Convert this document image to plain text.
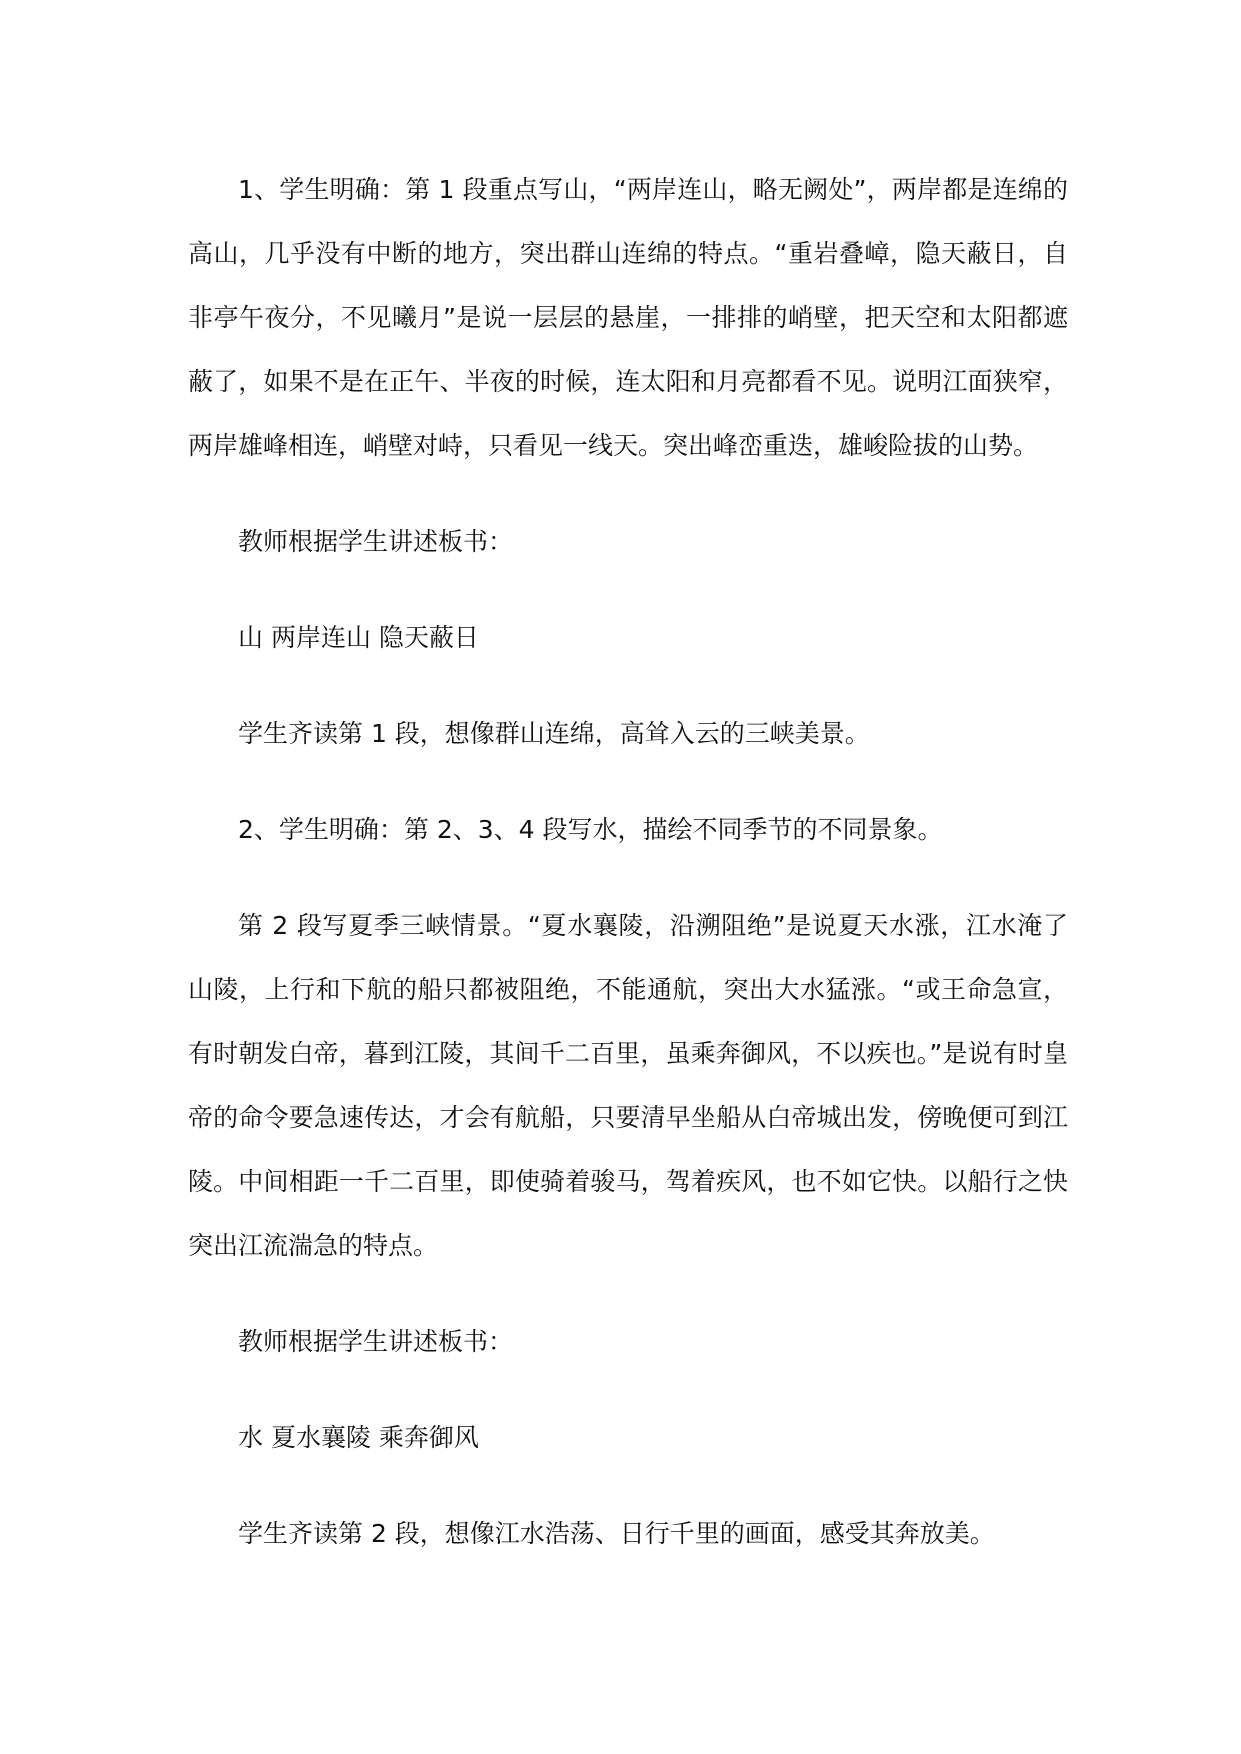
1、学生明确：第 1 段重点写山，“两岸连山，略无阙处”，两岸都是连绵的高山，几乎没有中断的地方，突出群山连绵的特点。“重岩叠嶂，隐天蔽日，自非亭午夜分，不见曦月”是说一层层的悬崖，一排排的峭壁，把天空和太阳都遮蔽了，如果不是在正午、半夜的时候，连太阳和月亮都看不见。说明江面狭窄，两岸雄峰相连，峭壁对峙，只看见一线天。突出峰峦重迭，雄峻险拔的山势。

教师根据学生讲述板书：

山 两岸连山 隐天蔽日

学生齐读第 1 段，想像群山连绵，高耸入云的三峡美景。

2、学生明确：第 2、3、4 段写水，描绘不同季节的不同景象。

第 2 段写夏季三峡情景。“夏水襄陵，沿溯阻绝”是说夏天水涨，江水淹了山陵，上行和下航的船只都被阻绝，不能通航，突出大水猛涨。“或王命急宣，有时朝发白帝，暮到江陵，其间千二百里，虽乘奔御风，不以疾也。”是说有时皇帝的命令要急速传达，才会有航船，只要清早坐船从白帝城出发，傍晚便可到江陵。中间相距一千二百里，即使骑着骏马，驾着疾风，也不如它快。以船行之快突出江流湍急的特点。

教师根据学生讲述板书：

水 夏水襄陵 乘奔御风

学生齐读第 2 段，想像江水浩荡、日行千里的画面，感受其奔放美。
